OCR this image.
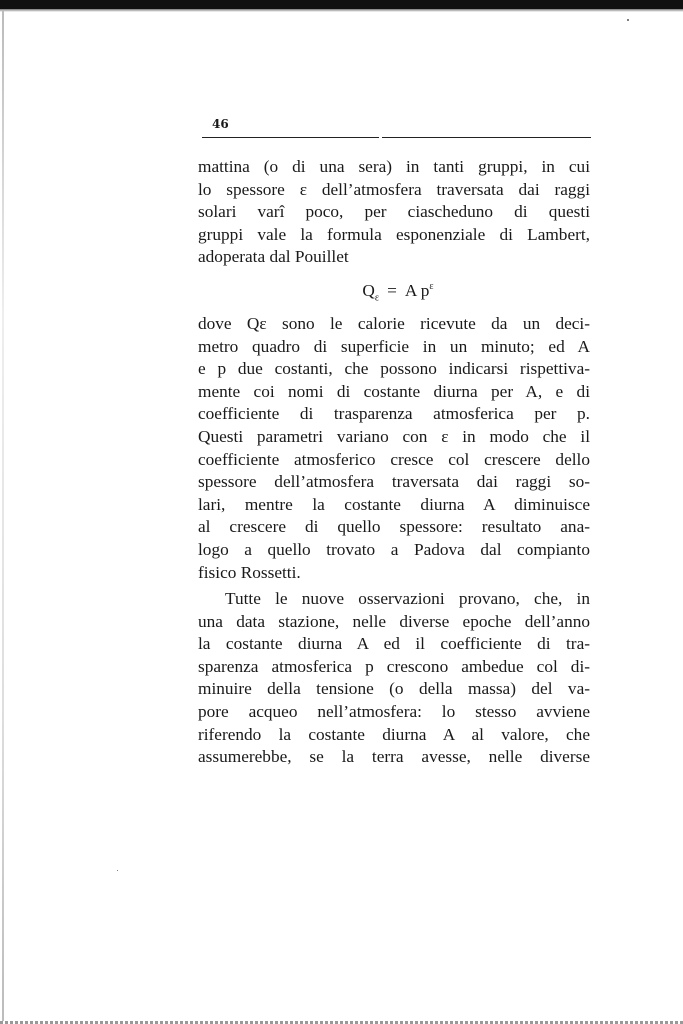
46
mattina (o di una sera) in tanti gruppi, in cui
lo spessore ε dell’atmosfera traversata dai raggi
solari varî poco, per ciascheduno di questi
gruppi vale la formula esponenziale di Lambert,
adoperata dal Pouillet
$Q_\varepsilon = A$ $p^\varepsilon$
dove Qε sono le calorie ricevute da un deci-
metro quadro di superficie in un minuto; ed A
e p due costanti, che possono indicarsi rispettiva-
mente coi nomi di costante diurna per A, e di
coefficiente di trasparenza atmosferica per p.
Questi parametri variano con ε in modo che il
coefficiente atmosferico cresce col crescere dello
spessore dell’atmosfera traversata dai raggi so-
lari, mentre la costante diurna A diminuisce
al crescere di quello spessore: resultato ana-
logo a quello trovato a Padova dal compianto
fisico Rossetti.
Tutte le nuove osservazioni provano, che, in
una data stazione, nelle diverse epoche dell’anno
la costante diurna A ed il coefficiente di tra-
sparenza atmosferica p crescono ambedue col di-
minuire della tensione (o della massa) del va-
pore acqueo nell’atmosfera: lo stesso avviene
riferendo la costante diurna A al valore, che
assumerebbe, se la terra avesse, nelle diverse
